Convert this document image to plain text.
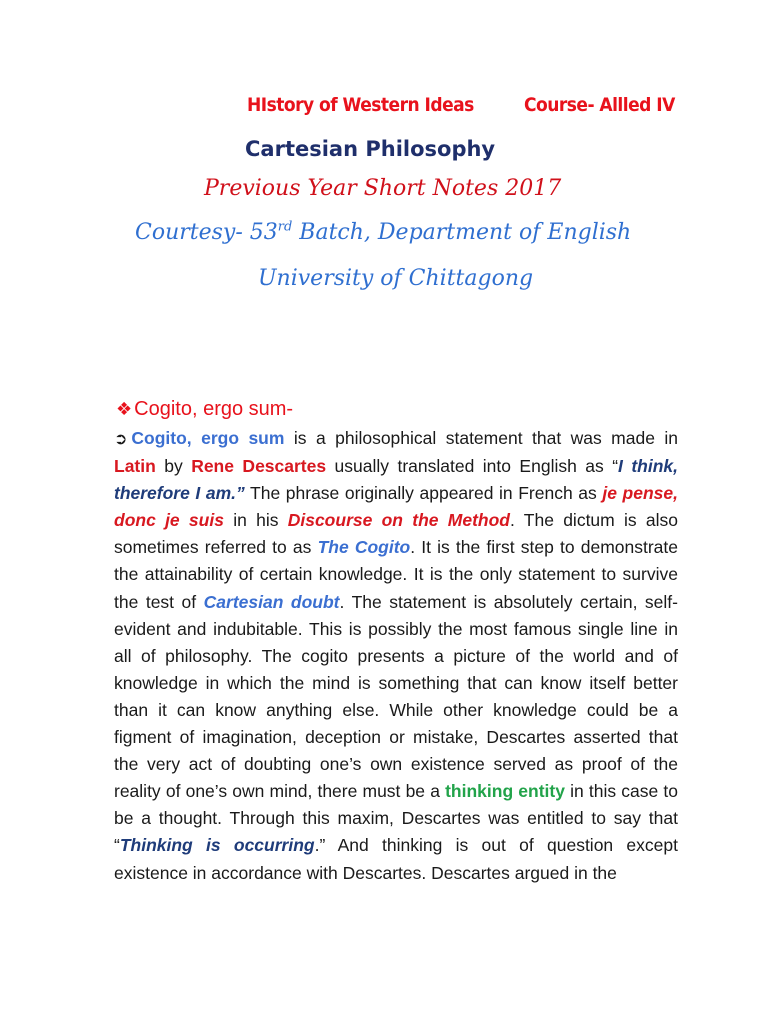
HIstory of Western Ideas	Course- Allled IV
Cartesian Philosophy
Previous Year Short Notes 2017
Courtesy- 53rd Batch, Department of English
University of Chittagong
❖ Cogito, ergo sum-
➲ Cogito, ergo sum is a philosophical statement that was made in Latin by Rene Descartes usually translated into English as “I think, therefore I am.” The phrase originally appeared in French as je pense, donc je suis in his Discourse on the Method. The dictum is also sometimes referred to as The Cogito. It is the first step to demonstrate the attainability of certain knowledge. It is the only statement to survive the test of Cartesian doubt. The statement is absolutely certain, self-evident and indubitable. This is possibly the most famous single line in all of philosophy. The cogito presents a picture of the world and of knowledge in which the mind is something that can know itself better than it can know anything else. While other knowledge could be a figment of imagination, deception or mistake, Descartes asserted that the very act of doubting one’s own existence served as proof of the reality of one’s own mind, there must be a thinking entity in this case to be a thought. Through this maxim, Descartes was entitled to say that “Thinking is occurring.” And thinking is out of question except existence in accordance with Descartes. Descartes argued in the
